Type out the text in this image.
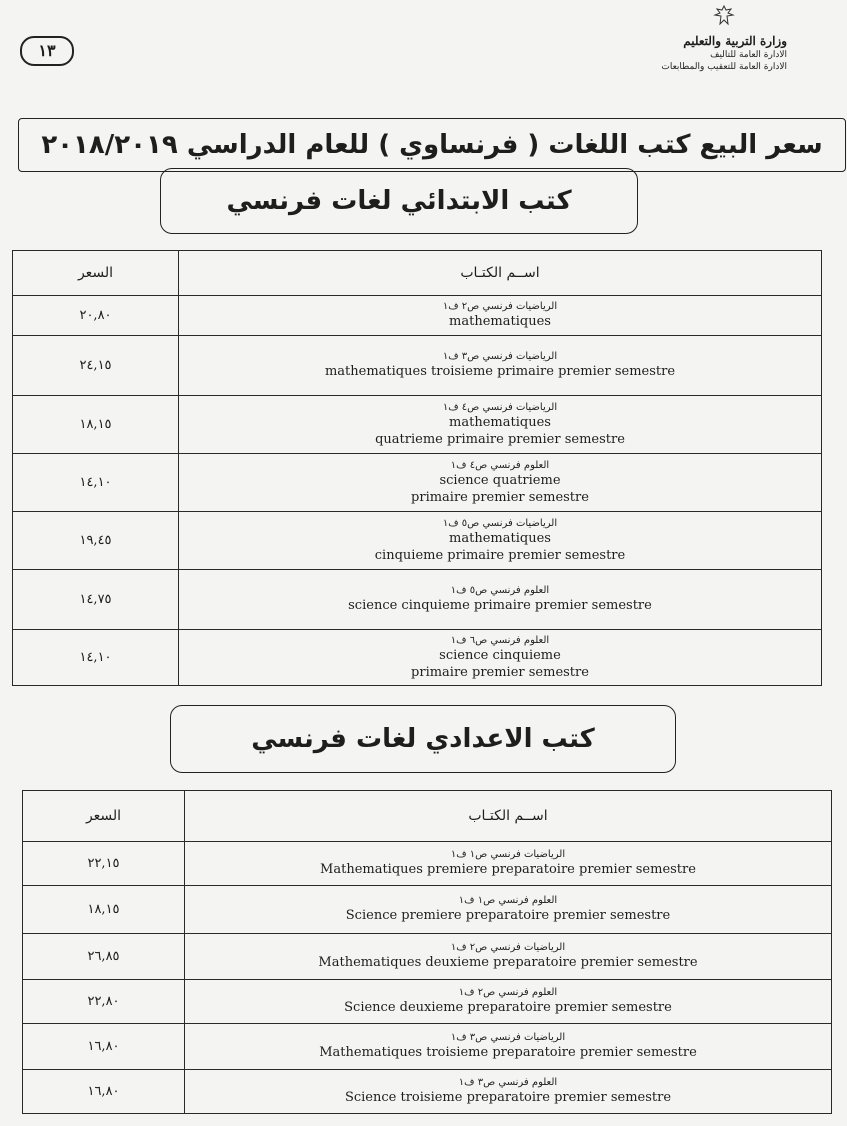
١٣	وزارة التربية والتعليم
الادارة العامة للتاليف
الادارة العامة للتعقيب والمطابعات
سعر البيع كتب اللغات ( فرنساوي ) للعام الدراسي ٢٠١٨/٢٠١٩
كتب الابتدائي لغات فرنسي
السعر	اســم الكتـاب
٢٠,٨٠	الرياضيات فرنسي ص٢ ف١
mathematiques

٢٤,١٥	الرياضيات فرنسي ص٣ ف١
mathematiques troisieme primaire premier semestre

١٨,١٥	الرياضيات فرنسي ص٤ ف١
mathematiques
quatrieme primaire premier semestre

١٤,١٠	العلوم فرنسي ص٤ ف١
science quatrieme
primaire premier semestre

١٩,٤٥	الرياضيات فرنسي ص٥ ف١
mathematiques
cinquieme primaire premier semestre

١٤,٧٥	العلوم فرنسي ص٥ ف١
science cinquieme primaire premier semestre

١٤,١٠	العلوم فرنسي ص٦ ف١
science cinquieme
primaire premier semestre
كتب الاعدادي لغات فرنسي
السعر	اســم الكتـاب
٢٢,١٥	الرياضيات فرنسي ص١ ف١
Mathematiques premiere preparatoire premier semestre

١٨,١٥	العلوم فرنسي ص١ ف١
Science premiere preparatoire premier semestre

٢٦,٨٥	الرياضيات فرنسي ص٢ ف١
Mathematiques deuxieme preparatoire premier semestre

٢٢,٨٠	العلوم فرنسي ص٢ ف١
Science deuxieme preparatoire premier semestre

١٦,٨٠	الرياضيات فرنسي ص٣ ف١
Mathematiques troisieme preparatoire premier semestre

١٦,٨٠	العلوم فرنسي ص٣ ف١
Science troisieme preparatoire premier semestre
